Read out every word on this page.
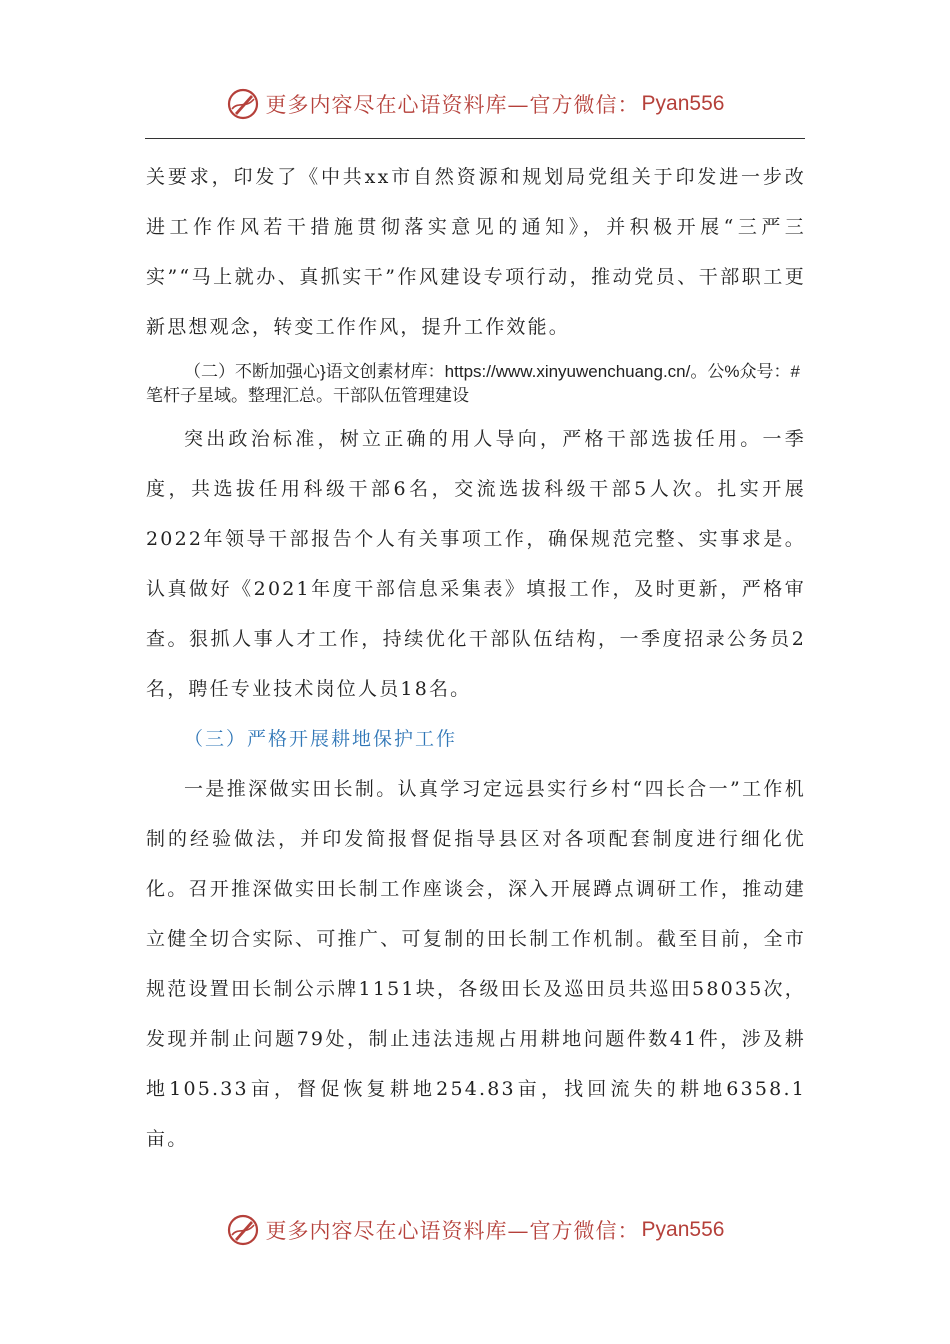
更多内容尽在心语资料库—官方微信： Pyan556

关要求，印发了《中共xx市自然资源和规划局党组关于印发进一步改进工作作风若干措施贯彻落实意见的通知》，并积极开展“三严三实”“马上就办、真抓实干”作风建设专项行动，推动党员、干部职工更新思想观念，转变工作作风，提升工作效能。

（二）不断加强心}语文创素材库：https://www.xinyuwenchuang.cn/。公%众号：#笔杆子星域。整理汇总。干部队伍管理建设

突出政治标准，树立正确的用人导向，严格干部选拔任用。一季度，共选拔任用科级干部6名，交流选拔科级干部5人次。扎实开展2022年领导干部报告个人有关事项工作，确保规范完整、实事求是。认真做好《2021年度干部信息采集表》填报工作，及时更新，严格审查。狠抓人事人才工作，持续优化干部队伍结构，一季度招录公务员2名，聘任专业技术岗位人员18名。

（三）严格开展耕地保护工作

一是推深做实田长制。认真学习定远县实行乡村“四长合一”工作机制的经验做法，并印发简报督促指导县区对各项配套制度进行细化优化。召开推深做实田长制工作座谈会，深入开展蹲点调研工作，推动建立健全切合实际、可推广、可复制的田长制工作机制。截至目前，全市规范设置田长制公示牌1151块，各级田长及巡田员共巡田58035次，发现并制止问题79处，制止违法违规占用耕地问题件数41件，涉及耕地105.33亩，督促恢复耕地254.83亩，找回流失的耕地6358.1亩。

更多内容尽在心语资料库—官方微信： Pyan556
